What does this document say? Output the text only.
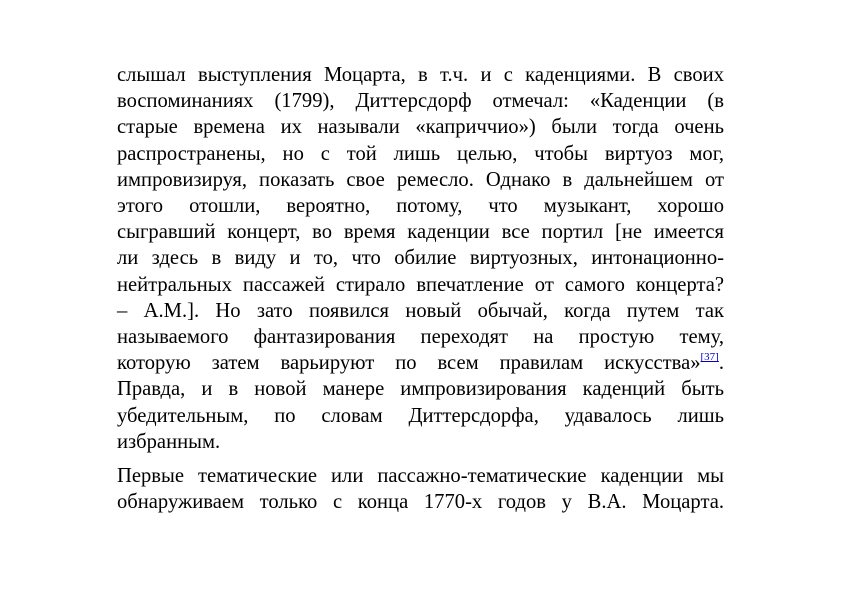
слышал выступления Моцарта, в т.ч. и с каденциями. В своих
воспоминаниях (1799), Диттерсдорф отмечал: «Каденции (в
старые времена их называли «каприччио») были тогда очень
распространены, но с той лишь целью, чтобы виртуоз мог,
импровизируя, показать свое ремесло. Однако в дальнейшем от
этого отошли, вероятно, потому, что музыкант, хорошо
сыгравший концерт, во время каденции все портил [не имеется
ли здесь в виду и то, что обилие виртуозных, интонационно-
нейтральных пассажей стирало впечатление от самого концерта?
– А.М.]. Но зато появился новый обычай, когда путем так
называемого фантазирования переходят на простую тему,
которую затем варьируют по всем правилам искусства»[37].
Правда, и в новой манере импровизирования каденций быть
убедительным, по словам Диттерсдорфа, удавалось лишь
избранным.

Первые тематические или пассажно-тематические каденции мы
обнаруживаем только с конца 1770-х годов у В.А. Моцарта.
